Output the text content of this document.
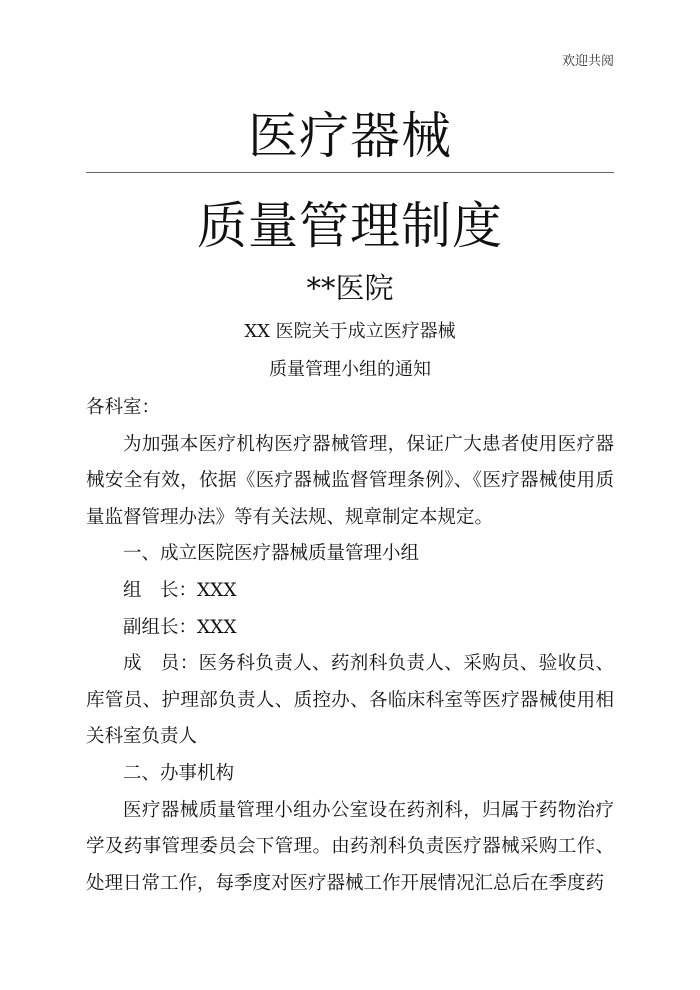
欢迎共阅
医疗器械
质量管理制度
**医院
XX 医院关于成立医疗器械
质量管理小组的通知

各科室：

为加强本医疗机构医疗器械管理，保证广大患者使用医疗器械安全有效，依据《医疗器械监督管理条例》、《医疗器械使用质量监督管理办法》等有关法规、规章制定本规定。

一、成立医院医疗器械质量管理小组

组　长：XXX

副组长：XXX

成　员：医务科负责人、药剂科负责人、采购员、验收员、库管员、护理部负责人、质控办、各临床科室等医疗器械使用相关科室负责人

二、办事机构

医疗器械质量管理小组办公室设在药剂科，归属于药物治疗学及药事管理委员会下管理。由药剂科负责医疗器械采购工作、处理日常工作，每季度对医疗器械工作开展情况汇总后在季度药
